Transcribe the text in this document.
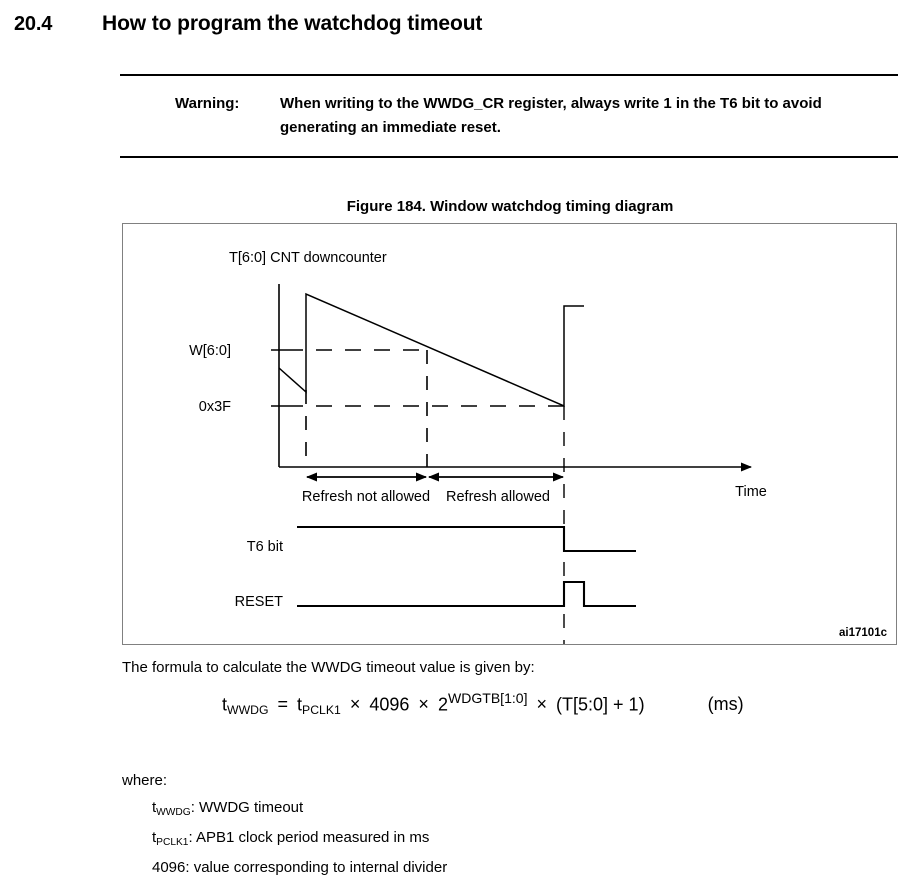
20.4	How to program the watchdog timeout
Warning:	When writing to the WWDG_CR register, always write 1 in the T6 bit to avoid generating an immediate reset.
Figure 184. Window watchdog timing diagram
T[6:0] CNT downcounter
W[6:0]
0x3F
Refresh not allowed Refresh allowed	Time
T6 bit
RESET
ai17101c
The formula to calculate the WWDG timeout value is given by:
$t_{WWDG} = t_{PCLK1} \times 4096 \times 2^{WDGTB[1:0]}$ × (T[5:0] + 1)	(ms)
where:
$t_{WWDG}$: WWDG timeout
$t_{PCLK1}$: APB1 clock period measured in ms
4096: value corresponding to internal divider
